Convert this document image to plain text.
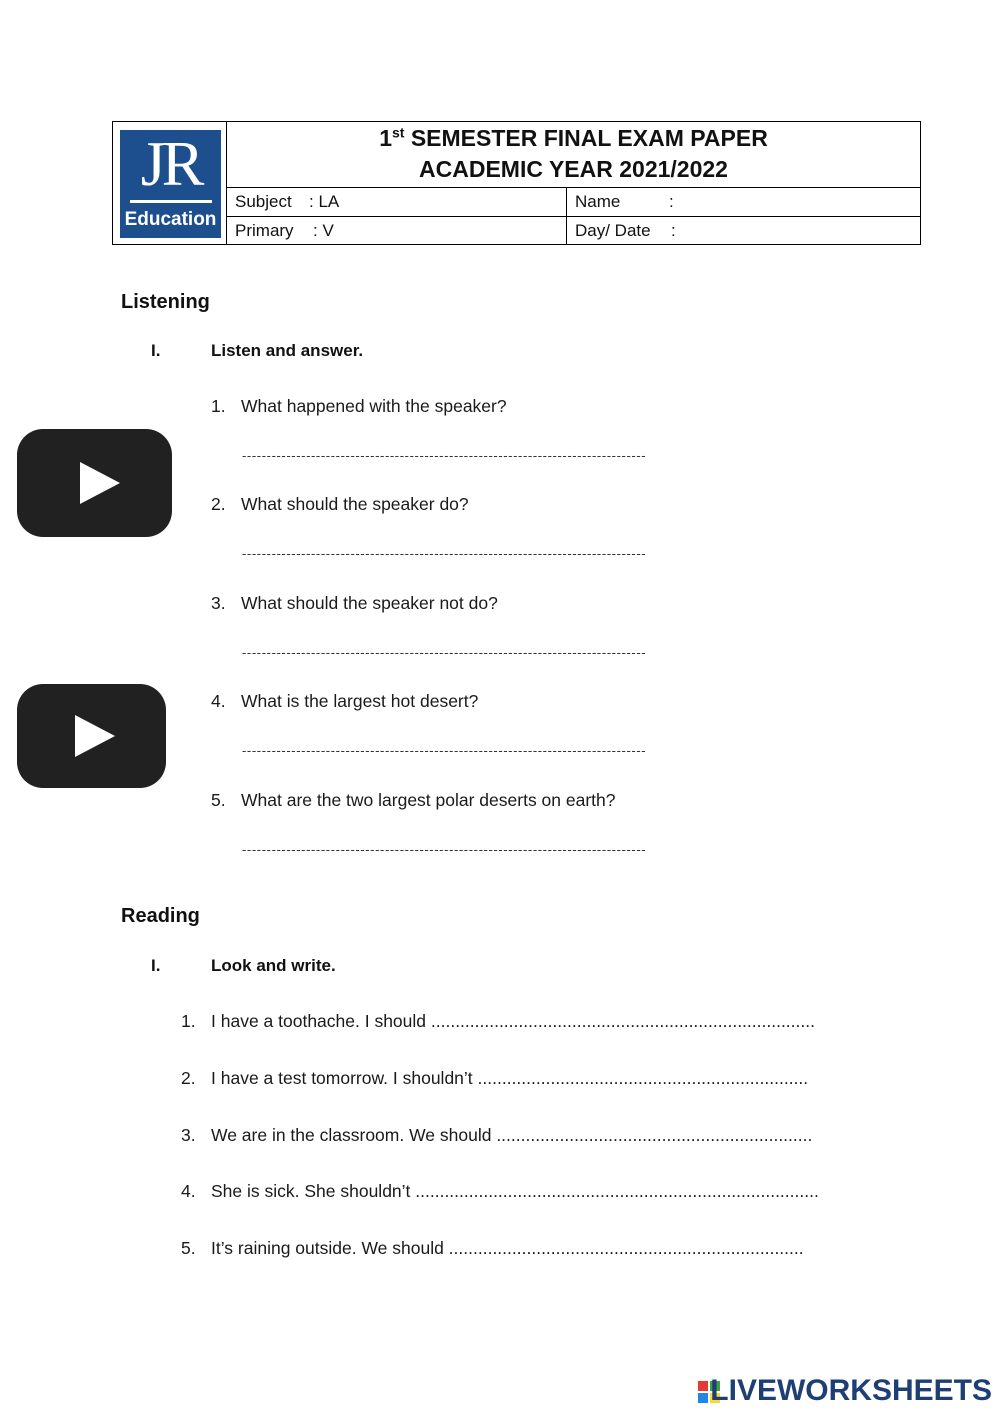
JR
Education
1st SEMESTER FINAL EXAM PAPER
ACADEMIC YEAR 2021/2022
Subject : LA	Name	:
Primary : V	Day/ Date :
Listening
I.	Listen and answer.
1. What happened with the speaker?
----------------------------------------------------------------------------------
2. What should the speaker do?
----------------------------------------------------------------------------------
3. What should the speaker not do?
----------------------------------------------------------------------------------
4. What is the largest hot desert?
----------------------------------------------------------------------------------
5. What are the two largest polar deserts on earth?
----------------------------------------------------------------------------------
Reading
I.	Look and write.
1. I have a toothache. I should ...............................................................................
2. I have a test tomorrow. I shouldn’t ....................................................................
3. We are in the classroom. We should .................................................................
4. She is sick. She shouldn’t ...................................................................................
5. It’s raining outside. We should .........................................................................
LIVEWORKSHEETS
